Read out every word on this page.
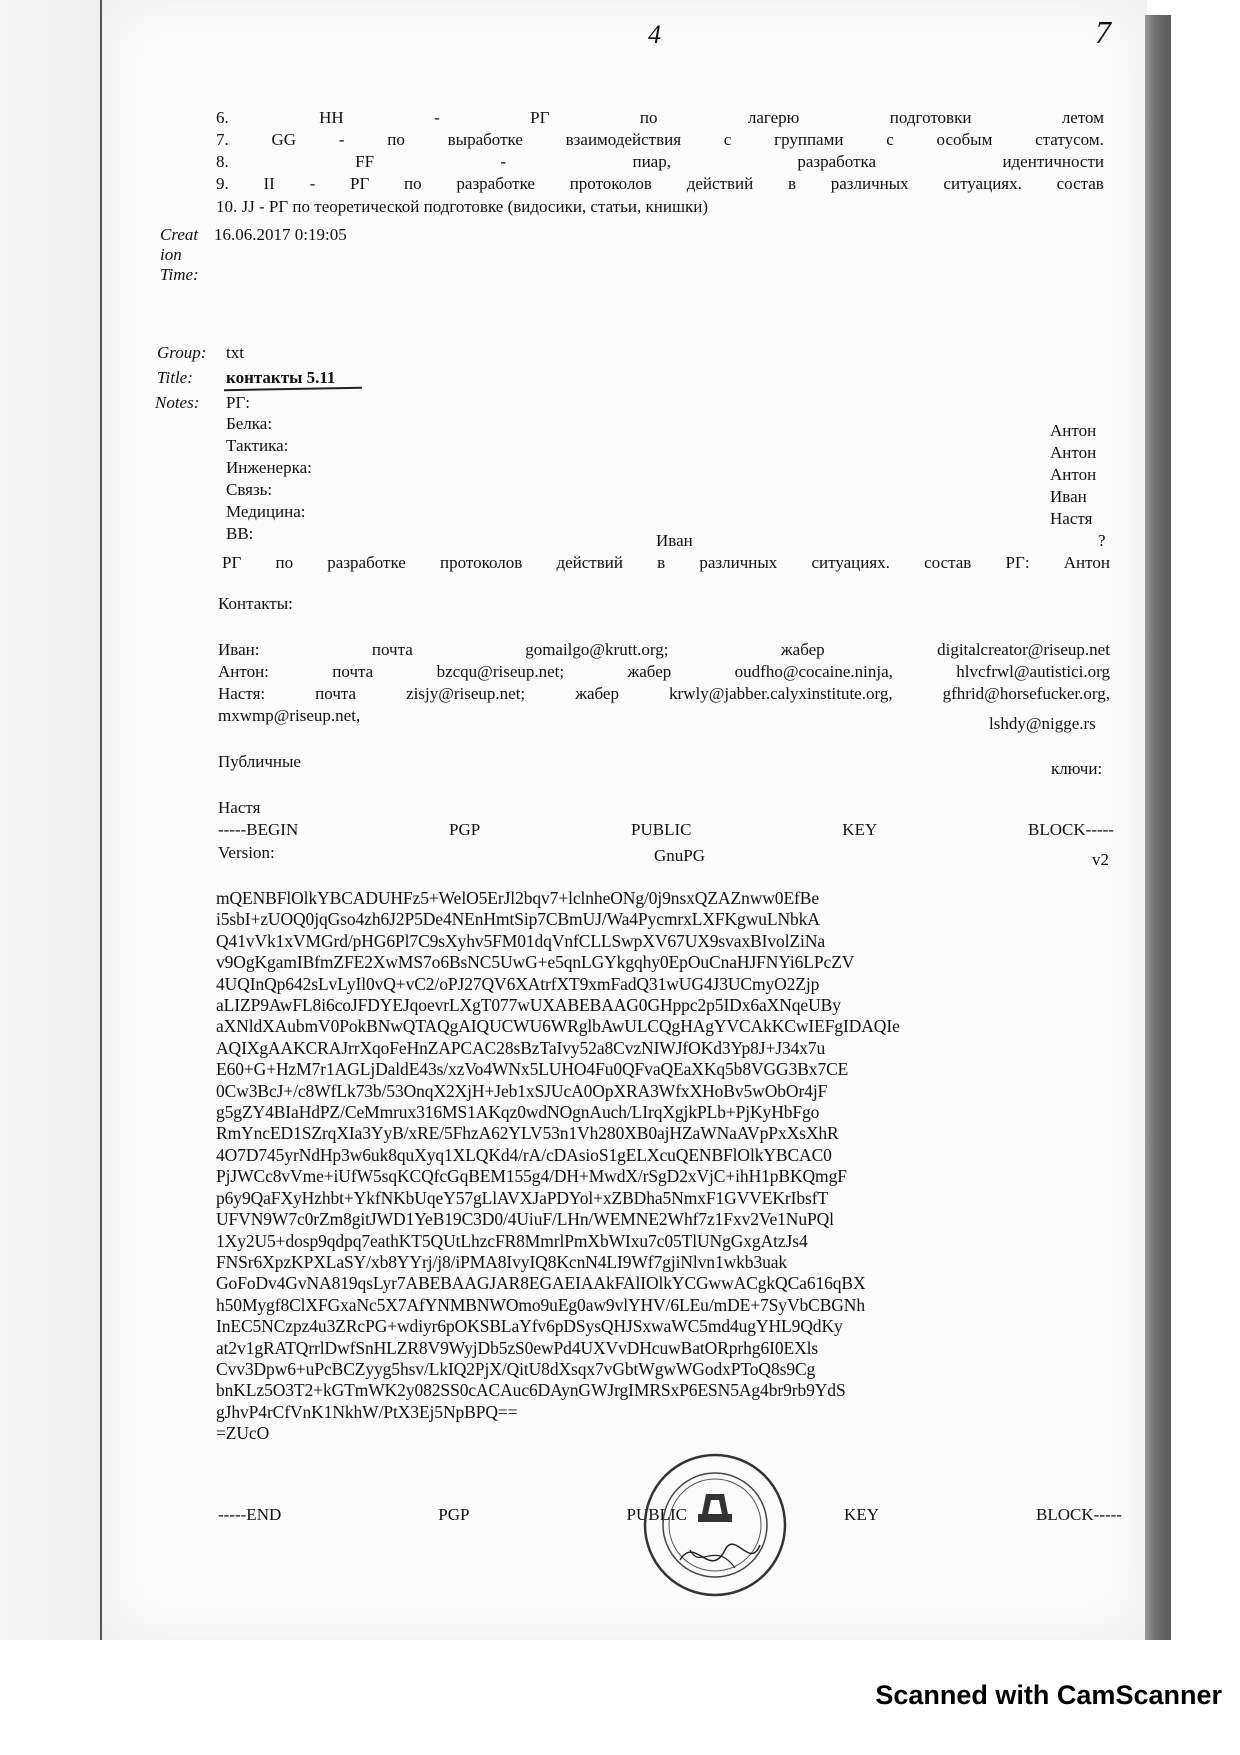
4	7
6.	HH	-	РГ	по	лагерю	подготовки	летом
7.	GG	-	по	выработке	взаимодействия	с	группами	с	особым	статусом.
8.	FF	-	пиар,	разработка	идентичности
9. II - РГ по разработке протоколов действий в различных ситуациях. состав
10. JJ - РГ по теоретической подготовке (видосики, статьи, книшки)
Creat
ion
Time:
16.06.2017 0:19:05
Group: txt
Title: контакты 5.11
Notes: РГ:
Белка:	Антон
Тактика:	Антон
Инженерка:	Антон
Связь:	Иван
Медицина:	Настя
ВВ:	Иван	?
РГ по разработке протоколов действий в различных ситуациях. состав РГ: Антон
Контакты:
Иван:	почта	gomailgo@krutt.org;	жабер	digitalcreator@riseup.net
Антон:	почта	bzcqu@riseup.net;	жабер	oudfho@cocaine.ninja,	hlvcfrwl@autistici.org
Настя:	почта	zisjy@riseup.net;	жабер	krwly@jabber.calyxinstitute.org,	gfhrid@horsefucker.org,
mxwmp@riseup.net,	lshdy@nigge.rs
Публичные	ключи:
Настя
-----BEGIN	PGP	PUBLIC	KEY	BLOCK-----
Version:	GnuPG	v2
mQENBFlOlkYBCADUHFz5+WelO5ErJl2bqv7+lclnheONg/0j9nsxQZAZnww0EfBe
i5sbI+zUOQ0jqGso4zh6J2P5De4NEnHmtSip7CBmUJ/Wa4PycmrxLXFKgwuLNbkA
Q41vVk1xVMGrd/pHG6Pl7C9sXyhv5FM01dqVnfCLLSwpXV67UX9svaxBIvolZiNa
v9OgKgamIBfmZFE2XwMS7o6BsNC5UwG+e5qnLGYkgqhy0EpOuCnaHJFNYi6LPcZV
4UQInQp642sLvLyIl0vQ+vC2/oPJ27QV6XAtrfXT9xmFadQ31wUG4J3UCmyO2Zjp
aLIZP9AwFL8i6coJFDYEJqoevrLXgT077wUXABEBAAG0GHppc2p5IDx6aXNqeUBy
aXNldXAubmV0PokBNwQTAQgAIQUCWU6WRglbAwULCQgHAgYVCAkKCwIEFgIDAQIe
AQIXgAAKCRAJrrXqoFeHnZAPCAC28sBzTaIvy52a8CvzNIWJfOKd3Yp8J+J34x7u
E60+G+HzM7r1AGLjDaldE43s/xzVo4WNx5LUHO4Fu0QFvaQEaXKq5b8VGG3Bx7CE
0Cw3BcJ+/c8WfLk73b/53OnqX2XjH+Jeb1xSJUcA0OpXRA3WfxXHoBv5wObOr4jF
g5gZY4BIaHdPZ/CeMmrux316MS1AKqz0wdNOgnAuch/LIrqXgjkPLb+PjKyHbFgo
RmYncED1SZrqXIa3YyB/xRE/5FhzA62YLV53n1Vh280XB0ajHZaWNaAVpPxXsXhR
4O7D745yrNdHp3w6uk8quXyq1XLQKd4/rA/cDAsioS1gELXcuQENBFlOlkYBCAC0
PjJWCc8vVme+iUfW5sqKCQfcGqBEM155g4/DH+MwdX/rSgD2xVjC+ihH1pBKQmgF
p6y9QaFXyHzhbt+YkfNKbUqeY57gLlAVXJaPDYol+xZBDha5NmxF1GVVEKrIbsfT
UFVN9W7c0rZm8gitJWD1YeB19C3D0/4UiuF/LHn/WEMNE2Whf7z1Fxv2Ve1NuPQl
1Xy2U5+dosp9qdpq7eathKT5QUtLhzcFR8MmrlPmXbWIxu7c05TlUNgGxgAtzJs4
FNSr6XpzKPXLaSY/xb8YYrj/j8/iPMA8IvyIQ8KcnN4LI9Wf7gjiNlvn1wkb3uak
GoFoDv4GvNA819qsLyr7ABEBAAGJAR8EGAEIAAkFAlIOlkYCGwwACgkQCa616qBX
h50Mygf8ClXFGxaNc5X7AfYNMBNWOmo9uEg0aw9vlYHV/6LEu/mDE+7SyVbCBGNh
InEC5NCzpz4u3ZRcPG+wdiyr6pOKSBLaYfv6pDSysQHJSxwaWC5md4ugYHL9QdKy
at2v1gRATQrrlDwfSnHLZR8V9WyjDb5zS0ewPd4UXVvDHcuwBatORprhg6I0EXls
Cvv3Dpw6+uPcBCZyyg5hsv/LkIQ2PjX/QitU8dXsqx7vGbtWgwWGodxPToQ8s9Cg
bnKLz5O3T2+kGTmWK2y082SS0cACAuc6DAynGWJrgIMRSxP6ESN5Ag4br9rb9YdS
gJhvP4rCfVnK1NkhW/PtX3Ej5NpBPQ==
=ZUcO
-----END	PGP	PUBLIC	KEY	BLOCK-----
Scanned with CamScanner
